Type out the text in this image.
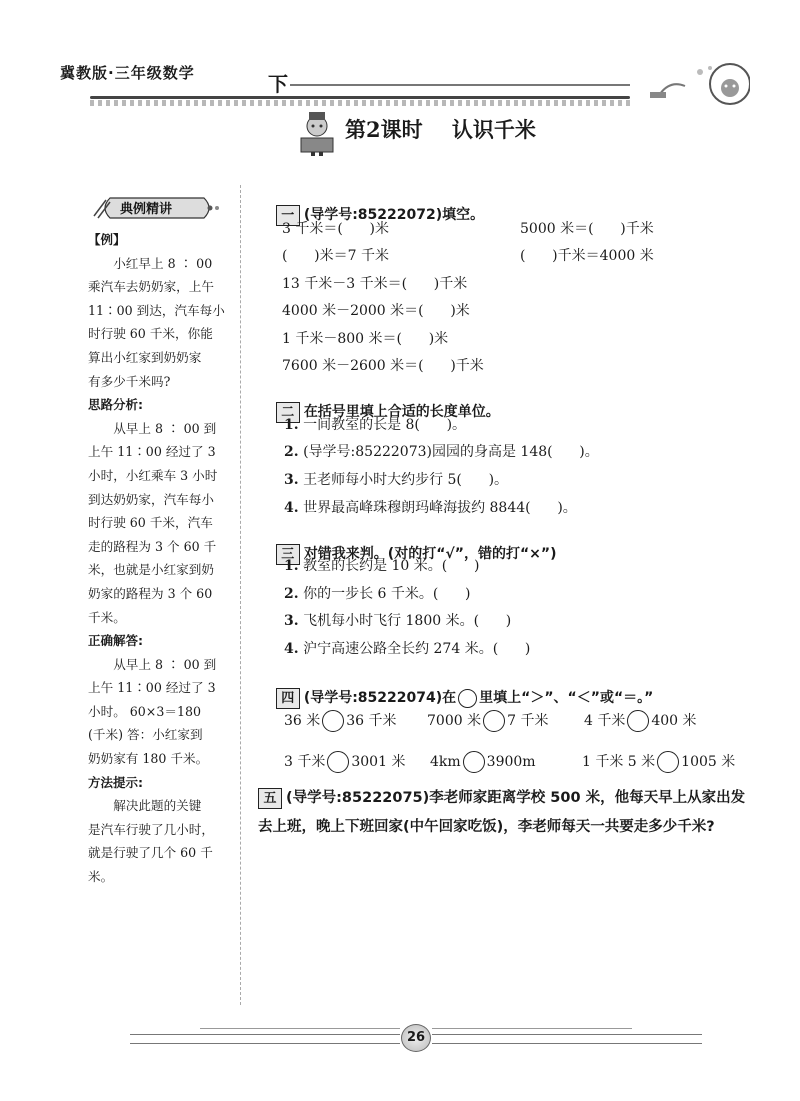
冀教版·三年级数学	下
第2课时    认识千米
典例精讲

【例】

小红早上 8 ∶ 00

乘汽车去奶奶家，上午

11∶00 到达，汽车每小

时行驶 60 千米，你能

算出小红家到奶奶家

有多少千米吗?

思路分析:

从早上 8 ∶ 00 到

上午 11∶00 经过了 3

小时，小红乘车 3 小时

到达奶奶家，汽车每小

时行驶 60 千米，汽车

走的路程为 3 个 60 千

米，也就是小红家到奶

奶家的路程为 3 个 60

千米。

正确解答:

从早上 8 ∶ 00 到

上午 11∶00 经过了 3

小时。 60×3＝180

(千米) 答：小红家到

奶奶家有 180 千米。

方法提示:

解决此题的关键

是汽车行驶了几小时，

就是行驶了几个 60 千

米。

一 (导学号:85222072)填空。

3 千米＝(      )米	5000 米＝(      )千米
(      )米＝7 千米	(      )千米＝4000 米
13 千米－3 千米＝(      )千米
4000 米－2000 米＝(      )米
1 千米－800 米＝(      )米
7600 米－2600 米＝(      )千米

二 在括号里填上合适的长度单位。

1. 一间教室的长是 8(      )。
2. (导学号:85222073)园园的身高是 148(      )。
3. 王老师每小时大约步行 5(      )。
4. 世界最高峰珠穆朗玛峰海拔约 8844(      )。

三 对错我来判。(对的打“√”，错的打“×”)

1. 教室的长约是 10 米。(      )
2. 你的一步长 6 千米。(      )
3. 飞机每小时飞行 1800 米。(      )
4. 沪宁高速公路全长约 274 米。(      )

四 (导学号:85222074)在 里填上“＞”、“＜”或“＝。”

36 米 36 千米 7000 米 7 千米	4 千米 400 米
3 千米 3001 米 4km 3900m	1 千米 5 米 1005 米
五 (导学号:85222075)李老师家距离学校 500 米，他每天早上从家出发去上班，晚上下班回家(中午回家吃饭)，李老师每天一共要走多少千米?
26
